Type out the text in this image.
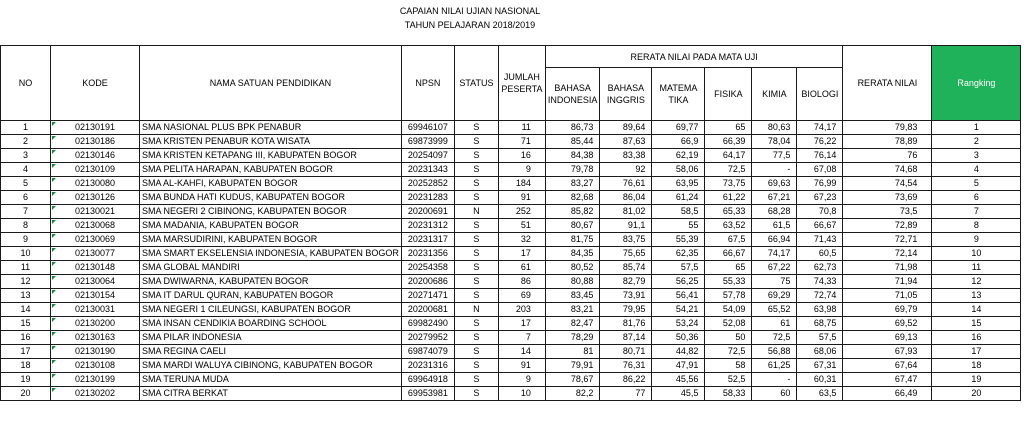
CAPAIAN NILAI UJIAN NASIONAL
TAHUN PELAJARAN 2018/2019
NO	KODE	NAMA SATUAN PENDIDIKAN	NPSN	STATUS	JUMLAH PESERTA	RERATA NILAI PADA MATA UJI						RERATA NILAI	Rangking
						BAHASA INDONESIA	BAHASA INGGRIS	MATEMA TIKA	FISIKA	KIMIA	BIOLOGI		
1	02130191	SMA NASIONAL PLUS BPK PENABUR	69946107	S	11	86,73	89,64	69,77	65	80,63	74,17	79,83	1
2	02130186	SMA KRISTEN PENABUR KOTA WISATA	69873999	S	71	85,44	87,63	66,9	66,39	78,04	76,22	78,89	2
3	02130146	SMA KRISTEN KETAPANG III, KABUPATEN BOGOR	20254097	S	16	84,38	83,38	62,19	64,17	77,5	76,14	76	3
4	02130109	SMA PELITA HARAPAN, KABUPATEN BOGOR	20231343	S	9	79,78	92	58,06	72,5	-	67,08	74,68	4
5	02130080	SMA AL-KAHFI, KABUPATEN BOGOR	20252852	S	184	83,27	76,61	63,95	73,75	69,63	76,99	74,54	5
6	02130126	SMA BUNDA HATI KUDUS, KABUPATEN BOGOR	20231283	S	91	82,68	86,04	61,24	61,22	67,21	67,23	73,69	6
7	02130021	SMA NEGERI 2 CIBINONG, KABUPATEN BOGOR	20200691	N	252	85,82	81,02	58,5	65,33	68,28	70,8	73,5	7
8	02130068	SMA MADANIA, KABUPATEN BOGOR	20231312	S	51	80,67	91,1	55	63,52	61,5	66,67	72,89	8
9	02130069	SMA MARSUDIRINI, KABUPATEN BOGOR	20231317	S	32	81,75	83,75	55,39	67,5	66,94	71,43	72,71	9
10	02130077	SMA SMART EKSELENSIA INDONESIA, KABUPATEN BOGOR	20231356	S	17	84,35	75,65	62,35	66,67	74,17	60,5	72,14	10
11	02130148	SMA GLOBAL MANDIRI	20254358	S	61	80,52	85,74	57,5	65	67,22	62,73	71,98	11
12	02130064	SMA DWIWARNA, KABUPATEN BOGOR	20200686	S	86	80,88	82,79	56,25	55,33	75	74,33	71,94	12
13	02130154	SMA IT DARUL QURAN, KABUPATEN BOGOR	20271471	S	69	83,45	73,91	56,41	57,78	69,29	72,74	71,05	13
14	02130031	SMA NEGERI 1 CILEUNGSI, KABUPATEN BOGOR	20200681	N	203	83,21	79,95	54,21	54,09	65,52	63,98	69,79	14
15	02130200	SMA INSAN CENDIKIA BOARDING SCHOOL	69982490	S	17	82,47	81,76	53,24	52,08	61	68,75	69,52	15
16	02130163	SMA PILAR INDONESIA	20279952	S	7	78,29	87,14	50,36	50	72,5	57,5	69,13	16
17	02130190	SMA REGINA CAELI	69874079	S	14	81	80,71	44,82	72,5	56,88	68,06	67,93	17
18	02130108	SMA MARDI WALUYA CIBINONG, KABUPATEN BOGOR	20231316	S	91	79,91	76,31	47,91	58	61,25	67,31	67,64	18
19	02130199	SMA TERUNA MUDA	69964918	S	9	78,67	86,22	45,56	52,5	-	60,31	67,47	19
20	02130202	SMA CITRA BERKAT	69953981	S	10	82,2	77	45,5	58,33	60	63,5	66,49	20
